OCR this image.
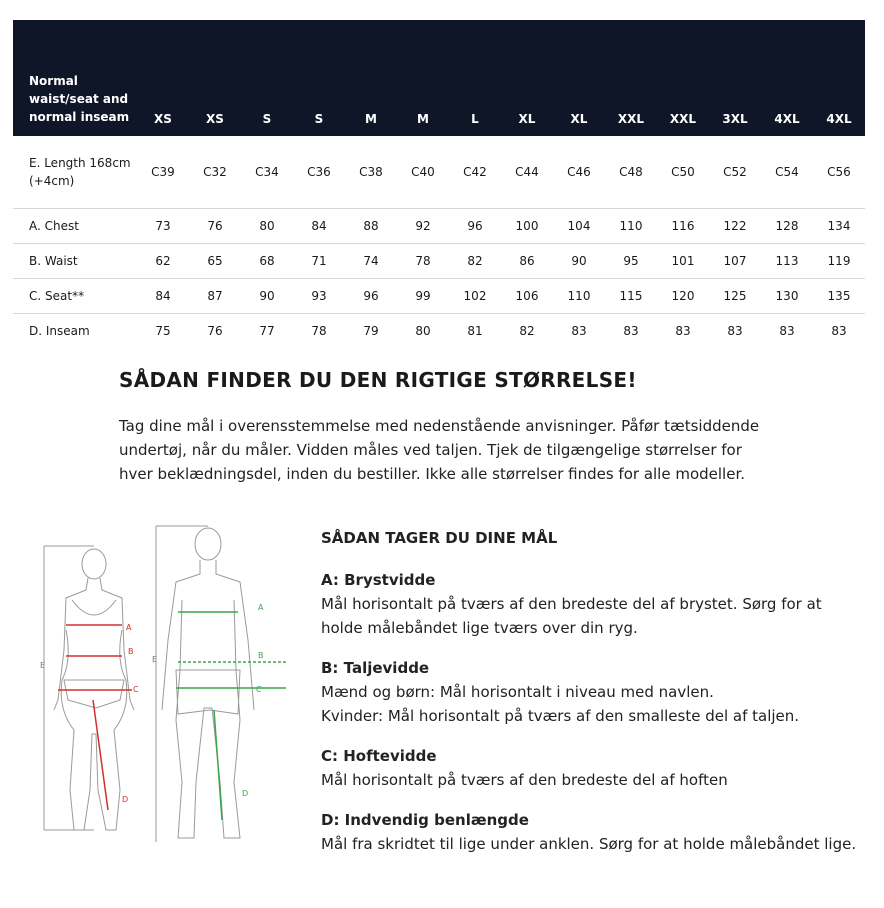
Normal waist/seat and normal inseam	XS	XS	S	S	M	M	L	XL	XL	XXL	XXL	3XL	4XL	4XL
E. Length 168cm (+4cm)	C39	C32	C34	C36	C38	C40	C42	C44	C46	C48	C50	C52	C54	C56
A. Chest	73	76	80	84	88	92	96	100	104	110	116	122	128	134
B. Waist	62	65	68	71	74	78	82	86	90	95	101	107	113	119
C. Seat**	84	87	90	93	96	99	102	106	110	115	120	125	130	135
D. Inseam	75	76	77	78	79	80	81	82	83	83	83	83	83	83
SÅDAN FINDER DU DEN RIGTIGE STØRRELSE!

Tag dine mål i overensstemmelse med nedenstående anvisninger. Påfør tætsiddende undertøj, når du måler. Vidden måles ved taljen. Tjek de tilgængelige størrelser for hver beklædningsdel, inden du bestiller. Ikke alle størrelser findes for alle modeller.

A
B
C
D
E
A
B
C
D
E
SÅDAN TAGER DU DINE MÅL
A: Brystvidde
Mål horisontalt på tværs af den bredeste del af brystet. Sørg for at holde målebåndet lige tværs over din ryg.
B: Taljevidde
Mænd og børn: Mål horisontalt i niveau med navlen.
Kvinder: Mål horisontalt på tværs af den smalleste del af taljen.
C: Hoftevidde
Mål horisontalt på tværs af den bredeste del af hoften
D: Indvendig benlængde
Mål fra skridtet til lige under anklen. Sørg for at holde målebåndet lige.
